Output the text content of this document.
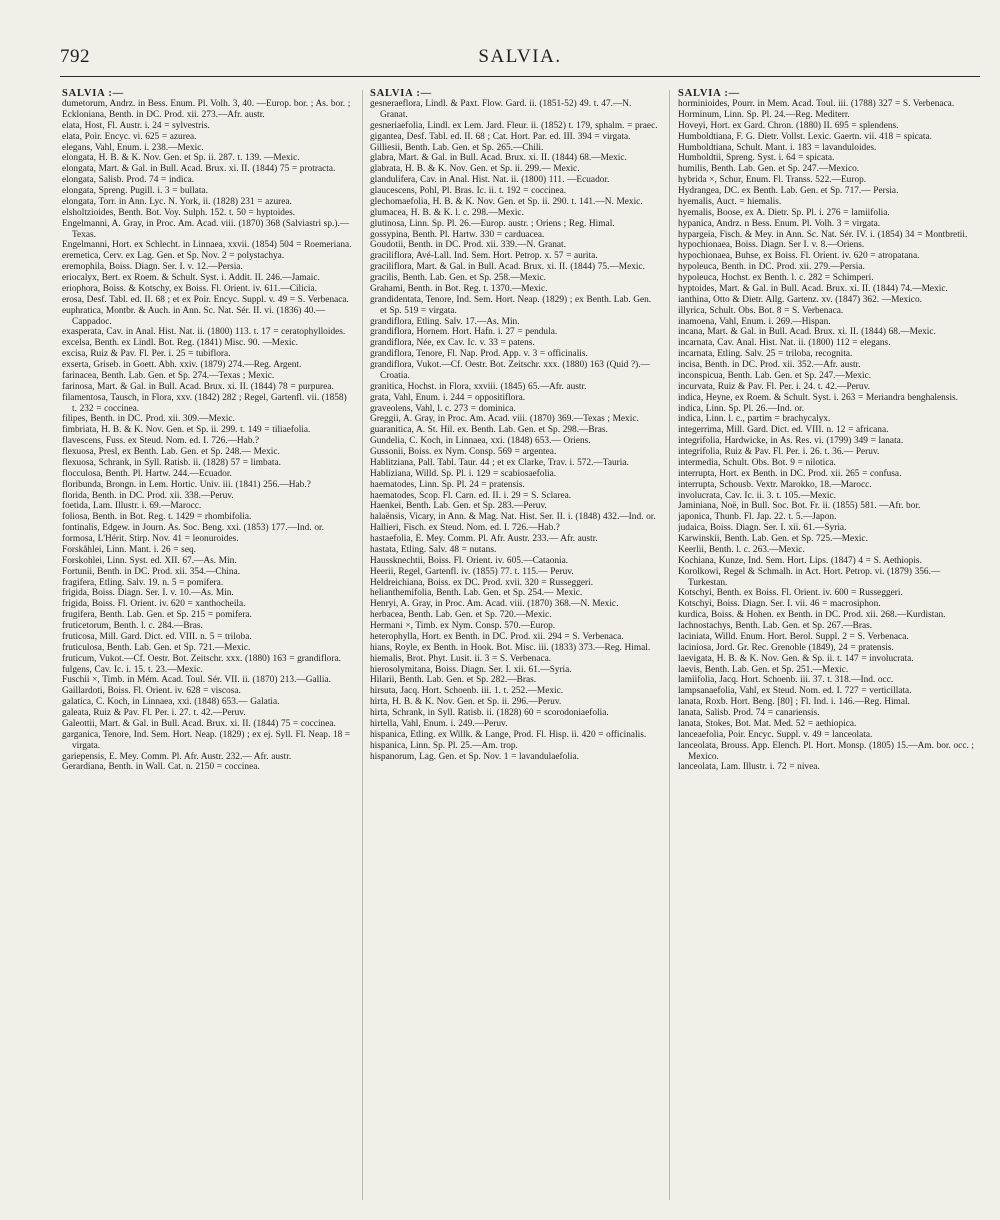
792	SALVIA.
SALVIA :—

dumetorum, Andrz. in Bess. Enum. Pl. Volh. 3, 40. —Europ. bor. ; As. bor. ;

Eckloniana, Benth. in DC. Prod. xii. 273.—Afr. austr.

elata, Host, Fl. Austr. i. 24 = sylvestris.

elata, Poir. Encyc. vi. 625 = azurea.

elegans, Vahl, Enum. i. 238.—Mexic.

elongata, H. B. & K. Nov. Gen. et Sp. ii. 287. t. 139. —Mexic.

elongata, Mart. & Gal. in Bull. Acad. Brux. xi. II. (1844) 75 = protracta.

elongata, Salisb. Prod. 74 = indica.

elongata, Spreng. Pugill. i. 3 = bullata.

elongata, Torr. in Ann. Lyc. N. York, ii. (1828) 231 = azurea.

elsholtzioides, Benth. Bot. Voy. Sulph. 152. t. 50 = hyptoides.

Engelmanni, A. Gray, in Proc. Am. Acad. viii. (1870) 368 (Salviastri sp.).—Texas.

Engelmanni, Hort. ex Schlecht. in Linnaea, xxvii. (1854) 504 = Roemeriana.

eremetica, Cerv. ex Lag. Gen. et Sp. Nov. 2 = polystachya.

eremophila, Boiss. Diagn. Ser. I. v. 12.—Persia.

eriocalyx, Bert. ex Roem. & Schult. Syst. i. Addit. II. 246.—Jamaic.

eriophora, Boiss. & Kotschy, ex Boiss. Fl. Orient. iv. 611.—Cilicia.

erosa, Desf. Tabl. ed. II. 68 ; et ex Poir. Encyc. Suppl. v. 49 = S. Verbenaca.

euphratica, Montbr. & Auch. in Ann. Sc. Nat. Sér. II. vi. (1836) 40.—Cappadoc.

exasperata, Cav. in Anal. Hist. Nat. ii. (1800) 113. t. 17 = ceratophylloides.

excelsa, Benth. ex Lindl. Bot. Reg. (1841) Misc. 90. —Mexic.

excisa, Ruiz & Pav. Fl. Per. i. 25 = tubiflora.

exserta, Griseb. in Goett. Abh. xxiv. (1879) 274.—Reg. Argent.

farinacea, Benth. Lab. Gen. et Sp. 274.—Texas ; Mexic.

farinosa, Mart. & Gal. in Bull. Acad. Brux. xi. II. (1844) 78 = purpurea.

filamentosa, Tausch, in Flora, xxv. (1842) 282 ; Regel, Gartenfl. vii. (1858) t. 232 = coccinea.

filipes, Benth. in DC. Prod. xii. 309.—Mexic.

fimbriata, H. B. & K. Nov. Gen. et Sp. ii. 299. t. 149 = tiliaefolia.

flavescens, Fuss. ex Steud. Nom. ed. I. 726.—Hab.?

flexuosa, Presl, ex Benth. Lab. Gen. et Sp. 248.— Mexic.

flexuosa, Schrank, in Syll. Ratisb. ii. (1828) 57 = limbata.

flocculosa, Benth. Pl. Hartw. 244.—Ecuador.

floribunda, Brongn. in Lem. Hortic. Univ. iii. (1841) 256.—Hab.?

florida, Benth. in DC. Prod. xii. 338.—Peruv.

foetida, Lam. Illustr. i. 69.—Marocc.

foliosa, Benth. in Bot. Reg. t. 1429 = rhombifolia.

fontinalis, Edgew. in Journ. As. Soc. Beng. xxi. (1853) 177.—Ind. or.

formosa, L'Hérit. Stirp. Nov. 41 = leonuroides.

Forskåhlei, Linn. Mant. i. 26 = seq.

Forskohlei, Linn. Syst. ed. XII. 67.—As. Min.

Fortunii, Benth. in DC. Prod. xii. 354.—China.

fragifera, Etling. Salv. 19. n. 5 = pomifera.

frigida, Boiss. Diagn. Ser. I. v. 10.—As. Min.

frigida, Boiss. Fl. Orient. iv. 620 = xanthocheila.

frugifera, Benth. Lab. Gen. et Sp. 215 = pomifera.

fruticetorum, Benth. l. c. 284.—Bras.

fruticosa, Mill. Gard. Dict. ed. VIII. n. 5 = triloba.

fruticulosa, Benth. Lab. Gen. et Sp. 721.—Mexic.

fruticum, Vukot.—Cf. Oestr. Bot. Zeitschr. xxx. (1880) 163 = grandiflora.

fulgens, Cav. Ic. i. 15. t. 23.—Mexic.

Fuschii ×, Timb. in Mém. Acad. Toul. Sér. VII. ii. (1870) 213.—Gallia.

Gaillardoti, Boiss. Fl. Orient. iv. 628 = viscosa.

galatica, C. Koch, in Linnaea, xxi. (1848) 653.— Galatia.

galeata, Ruiz & Pav. Fl. Per. i. 27. t. 42.—Peruv.

Galeottii, Mart. & Gal. in Bull. Acad. Brux. xi. II. (1844) 75 = coccinea.

garganica, Tenore, Ind. Sem. Hort. Neap. (1829) ; ex ej. Syll. Fl. Neap. 18 = virgata.

gariepensis, E. Mey. Comm. Pl. Afr. Austr. 232.— Afr. austr.

Gerardiana, Benth. in Wall. Cat. n. 2150 = coccinea.

SALVIA :—

gesneraeflora, Lindl. & Paxt. Flow. Gard. ii. (1851-52) 49. t. 47.—N. Granat.

gesneriaefolia, Lindl. ex Lem. Jard. Fleur. ii. (1852) t. 179, sphalm. = praec.

gigantea, Desf. Tabl. ed. II. 68 ; Cat. Hort. Par. ed. III. 394 = virgata.

Gilliesii, Benth. Lab. Gen. et Sp. 265.—Chili.

glabra, Mart. & Gal. in Bull. Acad. Brux. xi. II. (1844) 68.—Mexic.

glabrata, H. B. & K. Nov. Gen. et Sp. ii. 299.— Mexic.

glandulifera, Cav. in Anal. Hist. Nat. ii. (1800) 111. —Ecuador.

glaucescens, Pohl, Pl. Bras. Ic. ii. t. 192 = coccinea.

glechomaefolia, H. B. & K. Nov. Gen. et Sp. ii. 290. t. 141.—N. Mexic.

glumacea, H. B. & K. l. c. 298.—Mexic.

glutinosa, Linn. Sp. Pl. 26.—Europ. austr. ; Oriens ; Reg. Himal.

gossypina, Benth. Pl. Hartw. 330 = carduacea.

Goudotii, Benth. in DC. Prod. xii. 339.—N. Granat.

graciliflora, Avé-Lall. Ind. Sem. Hort. Petrop. x. 57 = aurita.

graciliflora, Mart. & Gal. in Bull. Acad. Brux. xi. II. (1844) 75.—Mexic.

gracilis, Benth. Lab. Gen. et Sp. 258.—Mexic.

Grahami, Benth. in Bot. Reg. t. 1370.—Mexic.

grandidentata, Tenore, Ind. Sem. Hort. Neap. (1829) ; ex Benth. Lab. Gen. et Sp. 519 = virgata.

grandiflora, Etling. Salv. 17.—As. Min.

grandiflora, Hornem. Hort. Hafn. i. 27 = pendula.

grandiflora, Née, ex Cav. Ic. v. 33 = patens.

grandiflora, Tenore, Fl. Nap. Prod. App. v. 3 = officinalis.

grandiflora, Vukot.—Cf. Oestr. Bot. Zeitschr. xxx. (1880) 163 (Quid ?).—Croatia.

granitica, Hochst. in Flora, xxviii. (1845) 65.—Afr. austr.

grata, Vahl, Enum. i. 244 = oppositiflora.

graveolens, Vahl, l. c. 273 = dominica.

Greggii, A. Gray, in Proc. Am. Acad. viii. (1870) 369.—Texas ; Mexic.

guaranitica, A. St. Hil. ex. Benth. Lab. Gen. et Sp. 298.—Bras.

Gundelia, C. Koch, in Linnaea, xxi. (1848) 653.— Oriens.

Gussonii, Boiss. ex Nym. Consp. 569 = argentea.

Hablitziana, Pall. Tabl. Taur. 44 ; et ex Clarke, Trav. i. 572.—Tauria.

Habliziana, Willd. Sp. Pl. i. 129 = scabiosaefolia.

haematodes, Linn. Sp. Pl. 24 = pratensis.

haematodes, Scop. Fl. Carn. ed. II. i. 29 = S. Sclarea.

Haenkei, Benth. Lab. Gen. et Sp. 283.—Peruv.

halaënsis, Vicary, in Ann. & Mag. Nat. Hist. Ser. II. i. (1848) 432.—Ind. or.

Hallieri, Fisch. ex Steud. Nom. ed. I. 726.—Hab.?

hastaefolia, E. Mey. Comm. Pl. Afr. Austr. 233.— Afr. austr.

hastata, Etling. Salv. 48 = nutans.

Haussknechtii, Boiss. Fl. Orient. iv. 605.—Cataonia.

Heerii, Regel, Gartenfl. iv. (1855) 77. t. 115.— Peruv.

Heldreichiana, Boiss. ex DC. Prod. xvii. 320 = Russeggeri.

helianthemifolia, Benth. Lab. Gen. et Sp. 254.— Mexic.

Henryi, A. Gray, in Proc. Am. Acad. viii. (1870) 368.—N. Mexic.

herbacea, Benth. Lab. Gen. et Sp. 720.—Mexic.

Hermani ×, Timb. ex Nym. Consp. 570.—Europ.

heterophylla, Hort. ex Benth. in DC. Prod. xii. 294 = S. Verbenaca.

hians, Royle, ex Benth. in Hook. Bot. Misc. iii. (1833) 373.—Reg. Himal.

hiemalis, Brot. Phyt. Lusit. ii. 3 = S. Verbenaca.

hierosolymitana, Boiss. Diagn. Ser. I. xii. 61.—Syria.

Hilarii, Benth. Lab. Gen. et Sp. 282.—Bras.

hirsuta, Jacq. Hort. Schoenb. iii. 1. t. 252.—Mexic.

hirta, H. B. & K. Nov. Gen. et Sp. ii. 296.—Peruv.

hirta, Schrank, in Syll. Ratisb. ii. (1828) 60 = scorodoniaefolia.

hirtella, Vahl, Enum. i. 249.—Peruv.

hispanica, Etling. ex Willk. & Lange, Prod. Fl. Hisp. ii. 420 = officinalis.

hispanica, Linn. Sp. Pl. 25.—Am. trop.

hispanorum, Lag. Gen. et Sp. Nov. 1 = lavandulaefolia.

SALVIA :—

horminioides, Pourr. in Mem. Acad. Toul. iii. (1788) 327 = S. Verbenaca.

Horminum, Linn. Sp. Pl. 24.—Reg. Mediterr.

Hoveyi, Hort. ex Gard. Chron. (1880) II. 695 = splendens.

Humboldtiana, F. G. Dietr. Vollst. Lexic. Gaertn. vii. 418 = spicata.

Humboldtiana, Schult. Mant. i. 183 = lavanduloides.

Humboldtii, Spreng. Syst. i. 64 = spicata.

humilis, Benth. Lab. Gen. et Sp. 247.—Mexico.

hybrida ×, Schur, Enum. Fl. Transs. 522.—Europ.

Hydrangea, DC. ex Benth. Lab. Gen. et Sp. 717.— Persia.

hyemalis, Auct. = hiemalis.

hyemalis, Boose, ex A. Dietr. Sp. Pl. i. 276 = lamiifolia.

hypanica, Andrz. n Bess. Enum. Pl. Volh. 3 = virgata.

hypargeia, Fisch. & Mey. in Ann. Sc. Nat. Sér. IV. i. (1854) 34 = Montbretii.

hypochionaea, Boiss. Diagn. Ser I. v. 8.—Oriens.

hypochionaea, Buhse, ex Boiss. Fl. Orient. iv. 620 = atropatana.

hypoleuca, Benth. in DC. Prod. xii. 279.—Persia.

hypoleuca, Hochst. ex Benth. l. c. 282 = Schimperi.

hyptoides, Mart. & Gal. in Bull. Acad. Brux. xi. II. (1844) 74.—Mexic.

ianthina, Otto & Dietr. Allg. Gartenz. xv. (1847) 362. —Mexico.

illyrica, Schult. Obs. Bot. 8 = S. Verbenaca.

inamoena, Vahl, Enum. i. 269.—Hispan.

incana, Mart. & Gal. in Bull. Acad. Brux. xi. II. (1844) 68.—Mexic.

incarnata, Cav. Anal. Hist. Nat. ii. (1800) 112 = elegans.

incarnata, Etling. Salv. 25 = triloba, recognita.

incisa, Benth. in DC. Prod. xii. 352.—Afr. austr.

inconspicua, Benth. Lab. Gen. et Sp. 247.—Mexic.

incurvata, Ruiz & Pav. Fl. Per. i. 24. t. 42.—Peruv.

indica, Heyne, ex Roem. & Schult. Syst. i. 263 = Meriandra benghalensis.

indica, Linn. Sp. Pl. 26.—Ind. or.

indica, Linn. l. c., partim = brachycalyx.

integerrima, Mill. Gard. Dict. ed. VIII. n. 12 = africana.

integrifolia, Hardwicke, in As. Res. vi. (1799) 349 = lanata.

integrifolia, Ruiz & Pav. Fl. Per. i. 26. t. 36.— Peruv.

intermedia, Schult. Obs. Bot. 9 = nilotica.

interrupta, Hort. ex Benth. in DC. Prod. xii. 265 = confusa.

interrupta, Schousb. Vextr. Marokko, 18.—Marocc.

involucrata, Cav. Ic. ii. 3. t. 105.—Mexic.

Jaminiana, Noë, in Bull. Soc. Bot. Fr. ii. (1855) 581. —Afr. bor.

japonica, Thunb. Fl. Jap. 22. t. 5.—Japon.

judaica, Boiss. Diagn. Ser. I. xii. 61.—Syria.

Karwinskii, Benth. Lab. Gen. et Sp. 725.—Mexic.

Keerlii, Benth. l. c. 263.—Mexic.

Kochiana, Kunze, Ind. Sem. Hort. Lips. (1847) 4 = S. Aethiopis.

Korolkowi, Regel & Schmalh. in Act. Hort. Petrop. vi. (1879) 356.—Turkestan.

Kotschyi, Benth. ex Boiss. Fl. Orient. iv. 600 = Russeggeri.

Kotschyi, Boiss. Diagn. Ser. I. vii. 46 = macrosiphon.

kurdica, Boiss. & Hohen. ex Benth. in DC. Prod. xii. 268.—Kurdistan.

lachnostachys, Benth. Lab. Gen. et Sp. 267.—Bras.

laciniata, Willd. Enum. Hort. Berol. Suppl. 2 = S. Verbenaca.

laciniosa, Jord. Gr. Rec. Grenoble (1849), 24 = pratensis.

laevigata, H. B. & K. Nov. Gen. & Sp. ii. t. 147 = involucrata.

laevis, Benth. Lab. Gen. et Sp. 251.—Mexic.

lamiifolia, Jacq. Hort. Schoenb. iii. 37. t. 318.—Ind. occ.

lampsanaefolia, Vahl, ex Steud. Nom. ed. I. 727 = verticillata.

lanata, Roxb. Hort. Beng. [80] ; Fl. Ind. i. 146.—Reg. Himal.

lanata, Salisb. Prod. 74 = canariensis.

lanata, Stokes, Bot. Mat. Med. 52 = aethiopica.

lanceaefolia, Poir. Encyc. Suppl. v. 49 = lanceolata.

lanceolata, Brouss. App. Elench. Pl. Hort. Monsp. (1805) 15.—Am. bor. occ. ; Mexico.

lanceolata, Lam. Illustr. i. 72 = nivea.
